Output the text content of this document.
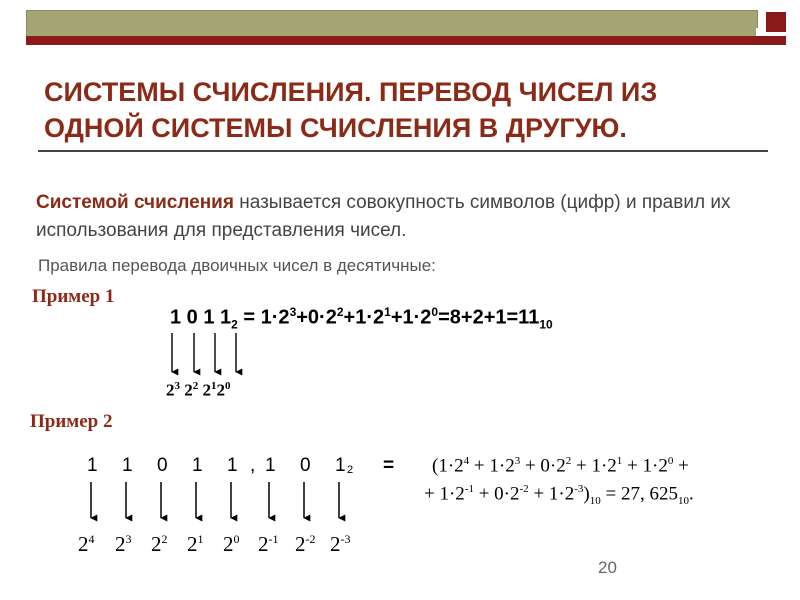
СИСТЕМЫ СЧИСЛЕНИЯ. ПЕРЕВОД ЧИСЕЛ ИЗ ОДНОЙ СИСТЕМЫ СЧИСЛЕНИЯ В ДРУГУЮ.
Системой счисления называется совокупность символов (цифр) и правил их использования для представления чисел.
Правила перевода двоичных чисел в десятичные:
Пример 1
1 0 1 $1_2 = 1\cdot 2^3+0\cdot 2^2+1\cdot 2^1+1\cdot 2^0=8+2+1=11_{10}$
$2^3$ $2^2$ $2^12^0$
Пример 2
1 1 0 1 1 , 1 0 1 $2 = (1\cdot 2^4 + 1\cdot 2^3 + 0\cdot 2^2 + 1\cdot 2^1 + 1\cdot 2^0$ +
+ $1\cdot 2^{-1} + 0\cdot 2^{-2} + 1\cdot 2^{-3})_{10} = 27$, $625_{10}$.
$2^4$ $2^3$ $2^2$ $2^1$ $2^0$ $2^{-1}$ $2^{-2}$ $2^{-3}$
20
